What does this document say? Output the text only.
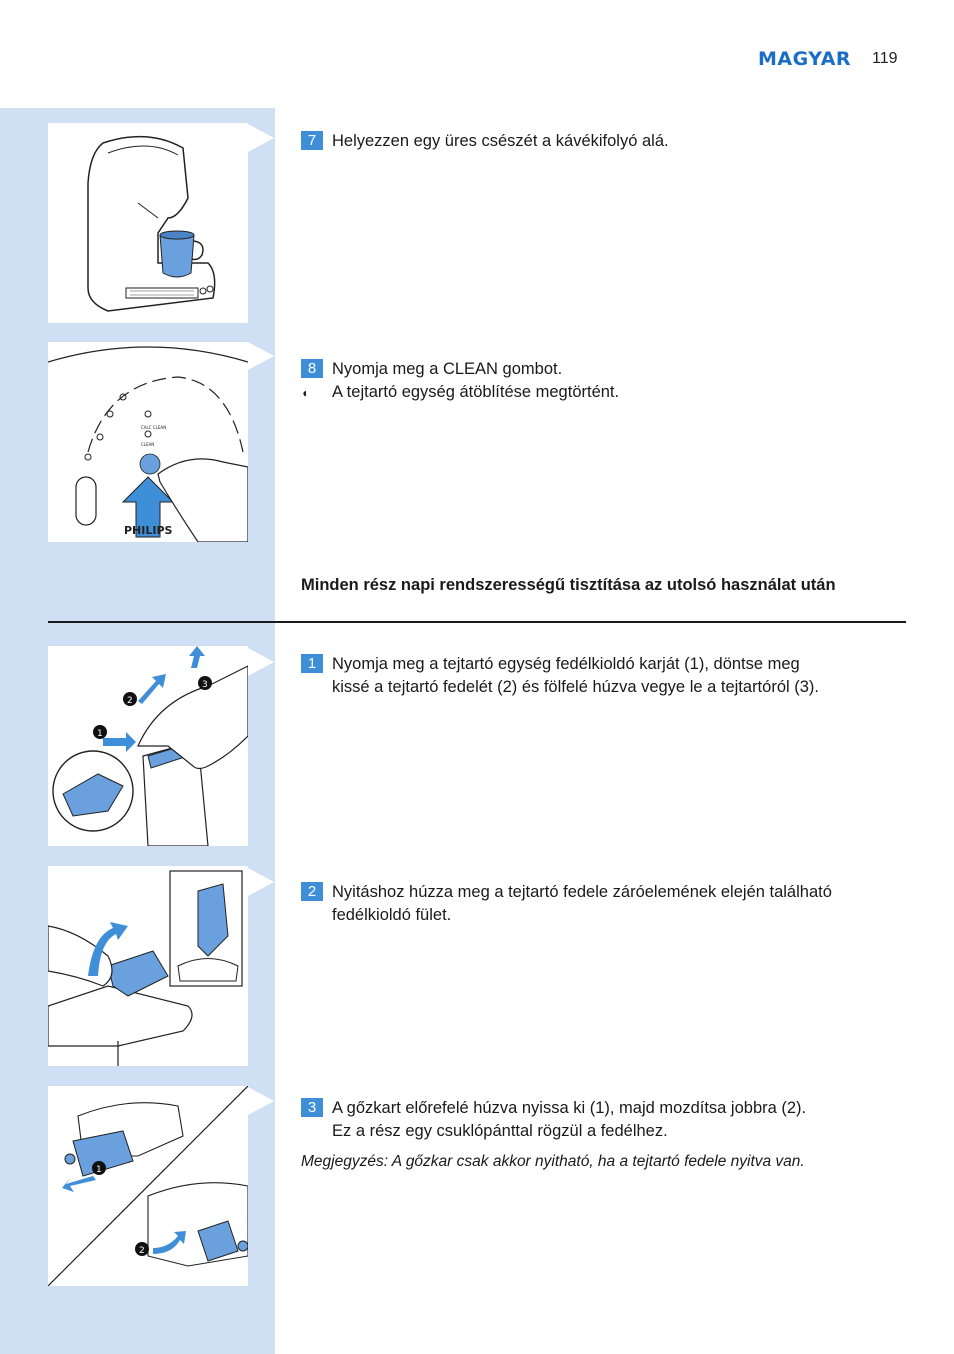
MAGYAR 119
CALC CLEAN
CLEAN
PHILIPS
1
2
3
1
2
7 Helyezzen egy üres csészét a kávékifolyó alá.
8 Nyomja meg a CLEAN gombot.
◖ A tejtartó egység átöblítése megtörtént.
Minden rész napi rendszerességű tisztítása az utolsó használat után
1 Nyomja meg a tejtartó egység fedélkioldó karját (1), döntse meg
kissé a tejtartó fedelét (2) és fölfelé húzva vegye le a tejtartóról (3).
2 Nyitáshoz húzza meg a tejtartó fedele záróelemének elején található
fedélkioldó fület.
3 A gőzkart előrefelé húzva nyissa ki (1), majd mozdítsa jobbra (2).
Ez a rész egy csuklópánttal rögzül a fedélhez.
Megjegyzés: A gőzkar csak akkor nyitható, ha a tejtartó fedele nyitva van.
